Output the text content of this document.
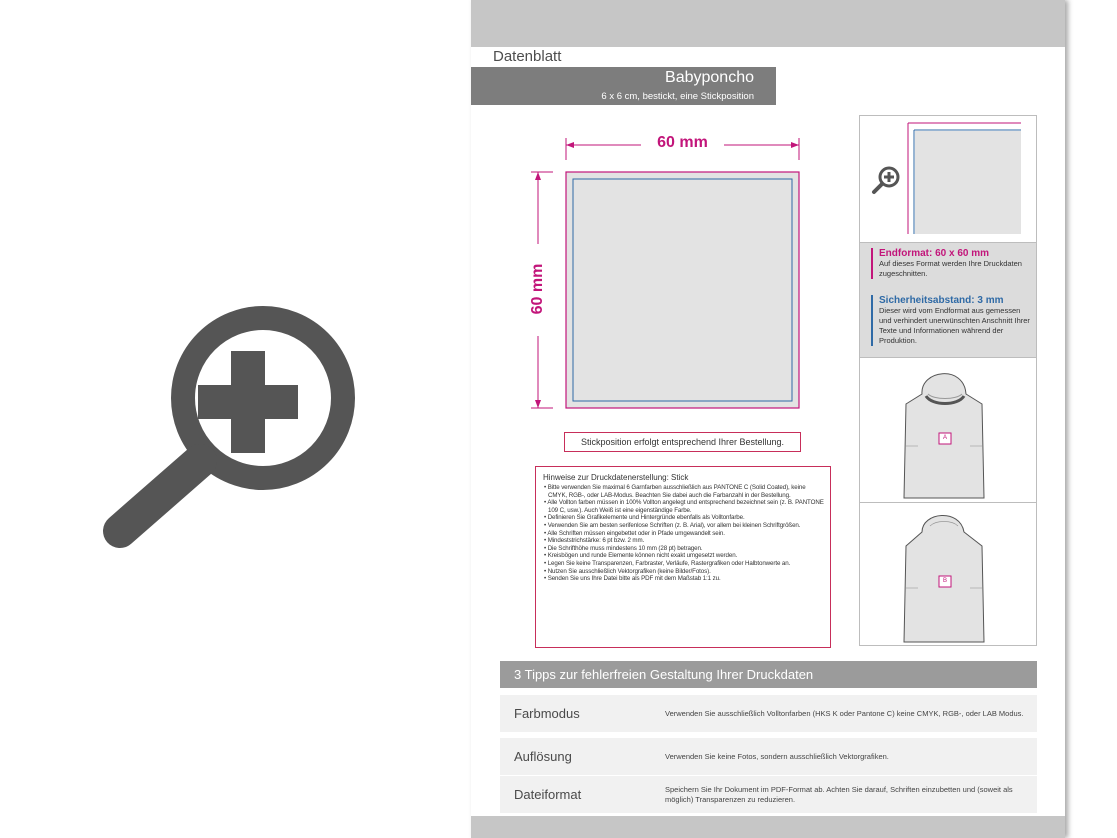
Datenblatt
Babyponcho
6 x 6 cm, bestickt, eine Stickposition
60 mm
60 mm
Stickposition erfolgt entsprechend Ihrer Bestellung.
Hinweise zur Druckdatenerstellung: Stick
• Bitte verwenden Sie maximal 6 Garnfarben ausschließlich aus PANTONE C (Solid Coated), keine CMYK, RGB-, oder LAB-Modus. Beachten Sie dabei auch die Farbanzahl in der Bestellung.
• Alle Vollton farben müssen in 100% Vollton angelegt und entsprechend bezeichnet sein (z. B. PANTONE 109 C, usw.). Auch Weiß ist eine eigenständige Farbe.
• Definieren Sie Grafikelemente und Hintergründe ebenfalls als Volltonfarbe.
• Verwenden Sie am besten serifenlose Schriften (z. B. Arial), vor allem bei kleinen Schriftgrößen.
• Alle Schriften müssen eingebettet oder in Pfade umgewandelt sein.
• Mindeststrichstärke: 6 pt bzw. 2 mm.
• Die Schrifthöhe muss mindestens 10 mm (28 pt) betragen.
• Kreisbögen und runde Elemente können nicht exakt umgesetzt werden.
• Legen Sie keine Transparenzen, Farbraster, Verläufe, Rastergrafiken oder Halbtonwerte an.
• Nutzen Sie ausschließlich Vektorgrafiken (keine Bilder/Fotos).
• Senden Sie uns Ihre Datei bitte als PDF mit dem Maßstab 1:1 zu.
Endformat: 60 x 60 mm
Auf dieses Format werden Ihre Druckdaten zugeschnitten.
Sicherheitsabstand: 3 mm
Dieser wird vom Endformat aus gemessen und verhindert unerwünschten Anschnitt Ihrer Texte und Informationen während der Produktion.
A
B
3 Tipps zur fehlerfreien Gestaltung Ihrer Druckdaten
Farbmodus	Verwenden Sie ausschließlich Volltonfarben (HKS K oder Pantone C) keine CMYK, RGB-, oder LAB Modus.
Auflösung	Verwenden Sie keine Fotos, sondern ausschließlich Vektorgrafiken.
Dateiformat	Speichern Sie Ihr Dokument im PDF-Format ab. Achten Sie darauf, Schriften einzubetten und (soweit als möglich) Transparenzen zu reduzieren.
